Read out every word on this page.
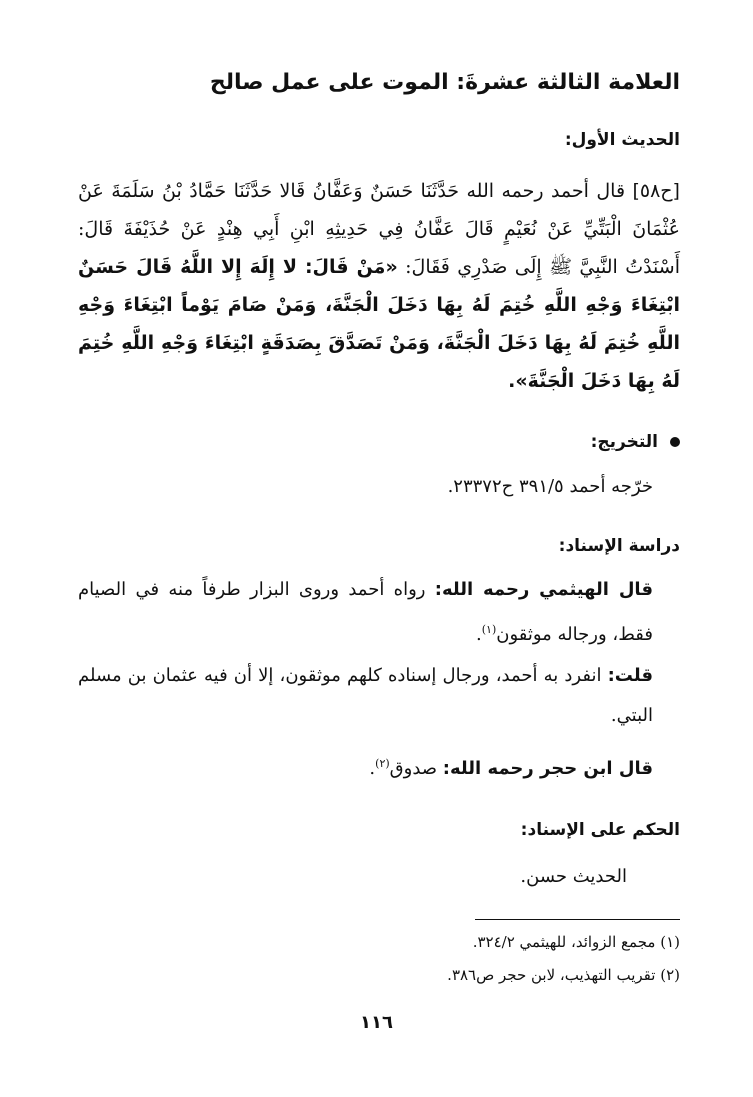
العلامة الثالثة عشرةَ: الموت على عمل صالح
الحديث الأول:
[ح٥٨] قال أحمد رحمه الله حَدَّثَنَا حَسَنٌ وَعَفَّانُ قَالا حَدَّثَنَا حَمَّادُ بْنُ سَلَمَةَ عَنْ عُثْمَانَ الْبَتِّيِّ عَنْ نُعَيْمٍ قَالَ عَفَّانُ فِي حَدِيثِهِ ابْنِ أَبِي هِنْدٍ عَنْ حُذَيْفَةَ قَالَ: أَسْنَدْتُ النَّبِيَّ ﷺ إِلَى صَدْرِي فَقَالَ: «مَنْ قَالَ: لا إِلَهَ إِلا اللَّهُ قَالَ حَسَنٌ ابْتِغَاءَ وَجْهِ اللَّهِ خُتِمَ لَهُ بِهَا دَخَلَ الْجَنَّةَ، وَمَنْ صَامَ يَوْماً ابْتِغَاءَ وَجْهِ اللَّهِ خُتِمَ لَهُ بِهَا دَخَلَ الْجَنَّةَ، وَمَنْ تَصَدَّقَ بِصَدَقَةٍ ابْتِغَاءَ وَجْهِ اللَّهِ خُتِمَ لَهُ بِهَا دَخَلَ الْجَنَّةَ».
التخريج:
خرّجه أحمد ٣٩١/٥ ح٢٣٣٧٢.
دراسة الإسناد:
قال الهيثمي رحمه الله: رواه أحمد وروى البزار طرفاً منه في الصيام فقط، ورجاله موثقون$^{(١)}$.
قلت: انفرد به أحمد، ورجال إسناده كلهم موثقون، إلا أن فيه عثمان بن مسلم البتي.
قال ابن حجر رحمه الله: صدوق$^{(٢)}$.
الحكم على الإسناد:
الحديث حسن.
(١) مجمع الزوائد، للهيثمي ٣٢٤/٢.
(٢) تقريب التهذيب، لابن حجر ص٣٨٦.
١١٦
